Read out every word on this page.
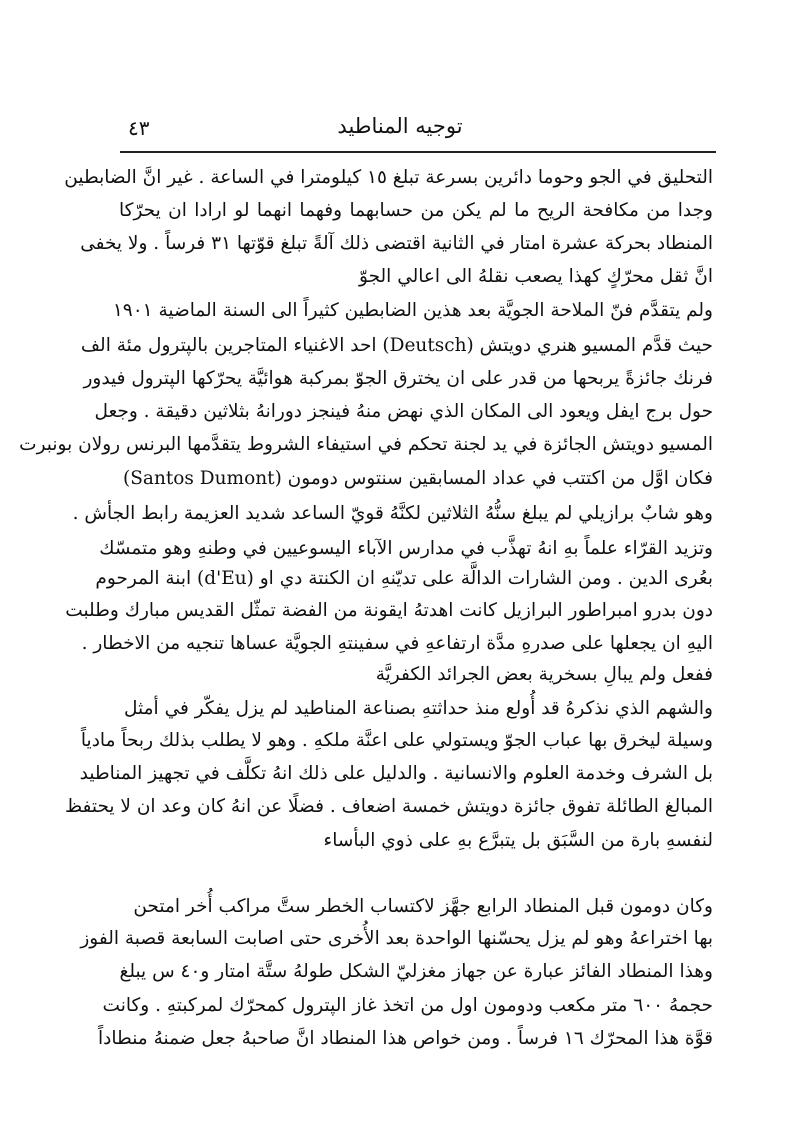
٤٣	توجيه المناطيد
التحليق في الجو وحوما دائرين بسرعة تبلغ ١٥ كيلومترا في الساعة . غير انَّ الضابطين
وجدا من مكافحة الريح ما لم يكن من حسابهما وفهما انهما لو ارادا ان يحرّكا
المنطاد بحركة عشرة امتار في الثانية اقتضى ذلك آلةً تبلغ قوّتها ٣١ فرساً . ولا يخفى
انَّ ثقل محرّكٍ كهذا يصعب نقلهُ الى اعالي الجوّ
ولم يتقدَّم فنّ الملاحة الجويَّة بعد هذين الضابطين كثيراً الى السنة الماضية ١٩٠١
حيث قدَّم المسيو هنري دويتش (Deutsch) احد الاغنياء المتاجرين بالپترول مئة الف
فرنك جائزةً يربحها من قدر على ان يخترق الجوّ بمركبة هوائيَّة يحرّكها الپترول فيدور
حول برج ايفل ويعود الى المكان الذي نهض منهُ فينجز دورانهُ بثلاثين دقيقة . وجعل
المسيو دويتش الجائزة في يد لجنة تحكم في استيفاء الشروط يتقدَّمها البرنس رولان بونبرت
فكان اوَّل من اكتتب في عداد المسابقين سنتوس دومون (Santos Dumont)
وهو شابٌ برازيلي لم يبلغ سنُّهُ الثلاثين لكنَّهُ قويّ الساعد شديد العزيمة رابط الجأش .
وتزيد القرّاء علماً بهِ انهُ تهذَّب في مدارس الآباء اليسوعيين في وطنهِ وهو متمسّك
بعُرى الدين . ومن الشارات الدالَّة على تديّنهِ ان الكنتة دي او (d'Eu) ابنة المرحوم
دون بدرو امبراطور البرازيل كانت اهدتهُ ايقونة من الفضة تمثّل القديس مبارك وطلبت
اليهِ ان يجعلها على صدرهِ مدَّة ارتفاعهِ في سفينتهِ الجويَّة عساها تنجيه من الاخطار .
ففعل ولم يبالِ بسخرية بعض الجرائد الكفريَّة
والشهم الذي نذكرهُ قد أُولع منذ حداثتهِ بصناعة المناطيد لم يزل يفكّر في أمثل
وسيلة ليخرق بها عباب الجوّ ويستولي على اعنَّة ملكهِ . وهو لا يطلب بذلك ربحاً مادياً
بل الشرف وخدمة العلوم والانسانية . والدليل على ذلك انهُ تكلَّف في تجهيز المناطيد
المبالغ الطائلة تفوق جائزة دويتش خمسة اضعاف . فضلًا عن انهُ كان وعد ان لا يحتفظ
لنفسهِ بارة من السَّبَق بل يتبرَّع بهِ على ذوي البأساء
وكان دومون قبل المنطاد الرابع جهَّز لاكتساب الخطر ستَّ مراكب أُخر امتحن
بها اختراعهُ وهو لم يزل يحسّنها الواحدة بعد الأُخرى حتى اصابت السابعة قصبة الفوز
وهذا المنطاد الفائز عبارة عن جهاز مغزليّ الشكل طولهُ ستَّة امتار و٤٠ س يبلغ
حجمهُ ٦٠٠ متر مكعب ودومون اول من اتخذ غاز الپترول كمحرّك لمركبتهِ . وكانت
قوَّة هذا المحرّك ١٦ فرساً . ومن خواص هذا المنطاد انَّ صاحبهُ جعل ضمنهُ منطاداً
